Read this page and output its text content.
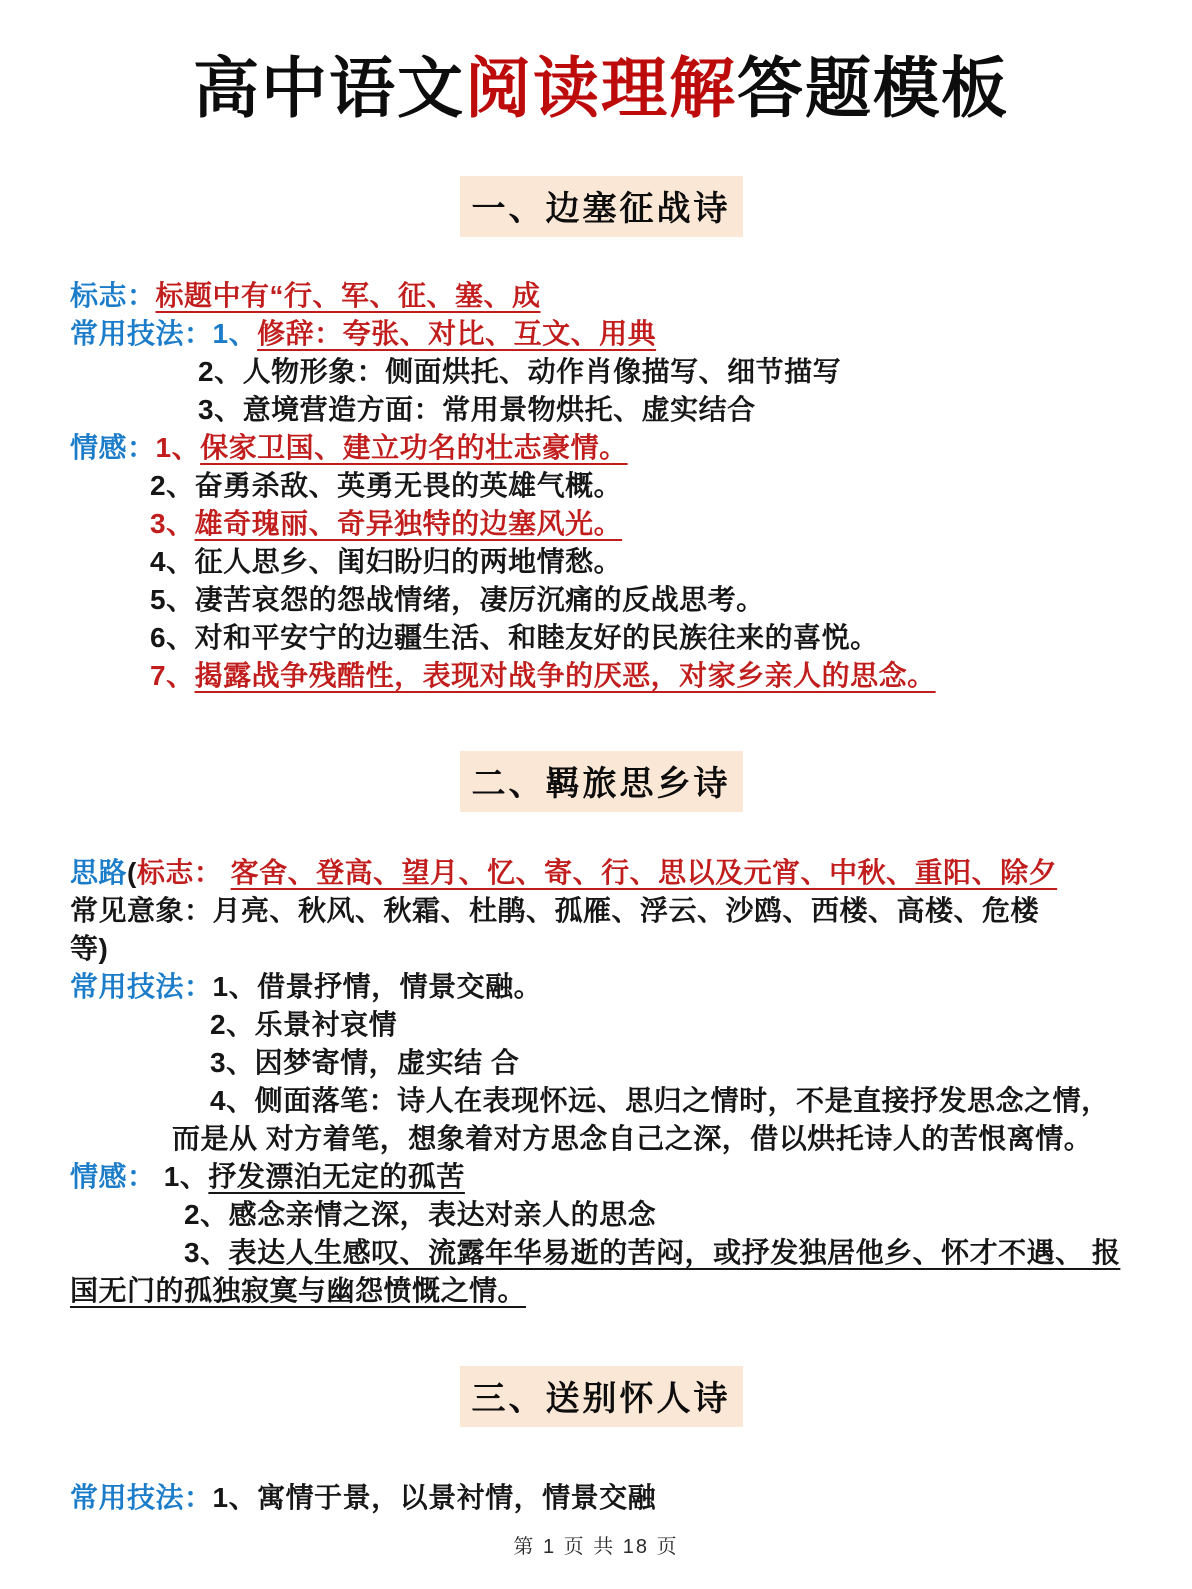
高中语文阅读理解答题模板
一、边塞征战诗
标志：标题中有“行、军、征、塞、成
常用技法：1、修辞：夸张、对比、互文、用典
2、人物形象：侧面烘托、动作肖像描写、细节描写
3、意境营造方面：常用景物烘托、虚实结合
情感：1、保家卫国、建立功名的壮志豪情。
2、奋勇杀敌、英勇无畏的英雄气概。
3、雄奇瑰丽、奇异独特的边塞风光。
4、征人思乡、闺妇盼归的两地情愁。
5、凄苦哀怨的怨战情绪，凄厉沉痛的反战思考。
6、对和平安宁的边疆生活、和睦友好的民族往来的喜悦。
7、揭露战争残酷性，表现对战争的厌恶，对家乡亲人的思念。
二、羁旅思乡诗
思路(标志： 客舍、登高、望月、忆、寄、行、思以及元宵、中秋、重阳、除夕
常见意象：月亮、秋风、秋霜、杜鹃、孤雁、浮云、沙鸥、西楼、高楼、危楼
等)
常用技法：1、借景抒情，情景交融。
2、乐景衬哀情
3、因梦寄情，虚实结 合
4、侧面落笔：诗人在表现怀远、思归之情时，不是直接抒发思念之情，
而是从 对方着笔，想象着对方思念自己之深，借以烘托诗人的苦恨离情。
情感： 1、抒发漂泊无定的孤苦
2、感念亲情之深，表达对亲人的思念
3、表达人生感叹、流露年华易逝的苦闷，或抒发独居他乡、怀才不遇、 报
国无门的孤独寂寞与幽怨愤慨之情。
三、送别怀人诗
常用技法：1、寓情于景，以景衬情，情景交融
第 1 页 共 18 页
